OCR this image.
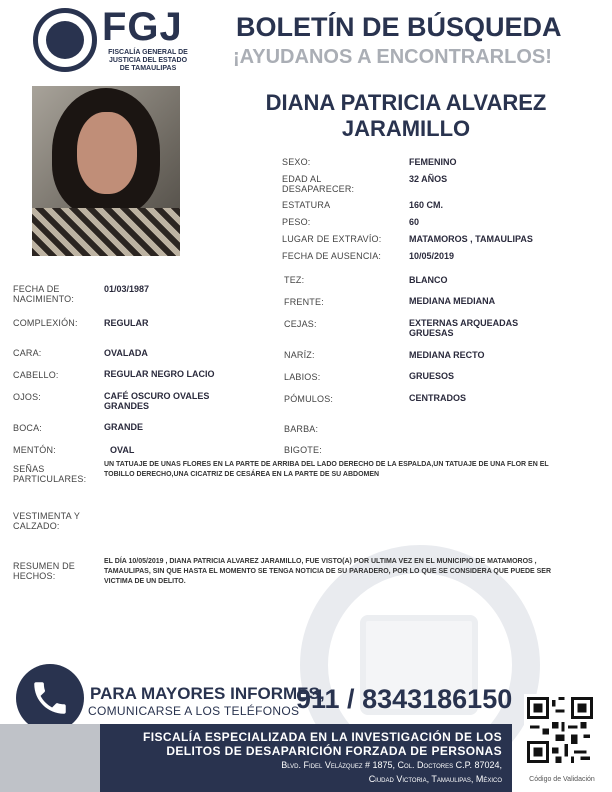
FGJ
FISCALÍA GENERAL DE JUSTICIA DEL ESTADO DE TAMAULIPAS
BOLETÍN DE BÚSQUEDA
¡AYUDANOS A ENCONTRARLOS!
DIANA PATRICIA ALVAREZ
JARAMILLO
SEXO:	FEMENINO
EDAD AL DESAPARECER:
32 AÑOS
ESTATURA	160 CM.
PESO:	60
LUGAR DE EXTRAVÍO:	MATAMOROS , TAMAULIPAS
FECHA DE AUSENCIA:	10/05/2019
TEZ:	BLANCO
FRENTE:	MEDIANA MEDIANA
CEJAS:	EXTERNAS ARQUEADAS GRUESAS
NARÍZ:	MEDIANA RECTO
LABIOS:	GRUESOS
PÓMULOS:	CENTRADOS
BARBA:
BIGOTE:
FECHA DE NACIMIENTO:
01/03/1987
COMPLEXIÓN:	REGULAR
CARA:	OVALADA
CABELLO:	REGULAR NEGRO LACIO
OJOS:	CAFÉ OSCURO OVALES GRANDES
BOCA:	GRANDE
MENTÓN:	OVAL
SEÑAS PARTICULARES:
UN TATUAJE DE UNAS FLORES EN LA PARTE DE ARRIBA DEL LADO DERECHO DE LA ESPALDA,UN TATUAJE DE UNA FLOR EN EL TOBILLO DERECHO,UNA CICATRIZ DE CESÁREA EN LA PARTE DE SU ABDOMEN
VESTIMENTA Y CALZADO:
RESUMEN DE HECHOS:
EL DÍA 10/05/2019 , DIANA PATRICIA ALVAREZ JARAMILLO, FUE VISTO(A) POR ULTIMA VEZ EN EL MUNICIPIO DE MATAMOROS , TAMAULIPAS, SIN QUE HASTA EL MOMENTO SE TENGA NOTICIA DE SU PARADERO, POR LO QUE SE CONSIDERA QUE PUEDE SER VICTIMA DE UN DELITO.
PARA MAYORES INFORMES,
COMUNICARSE A LOS TELÉFONOS
911 / 8343186150
FISCALÍA ESPECIALIZADA EN LA INVESTIGACIÓN DE LOS
DELITOS DE DESAPARICIÓN FORZADA DE PERSONAS
Blvd. Fidel Velázquez # 1875, Col. Doctores C.P. 87024,
Ciudad Victoria, Tamaulipas, México	Código de Validación
